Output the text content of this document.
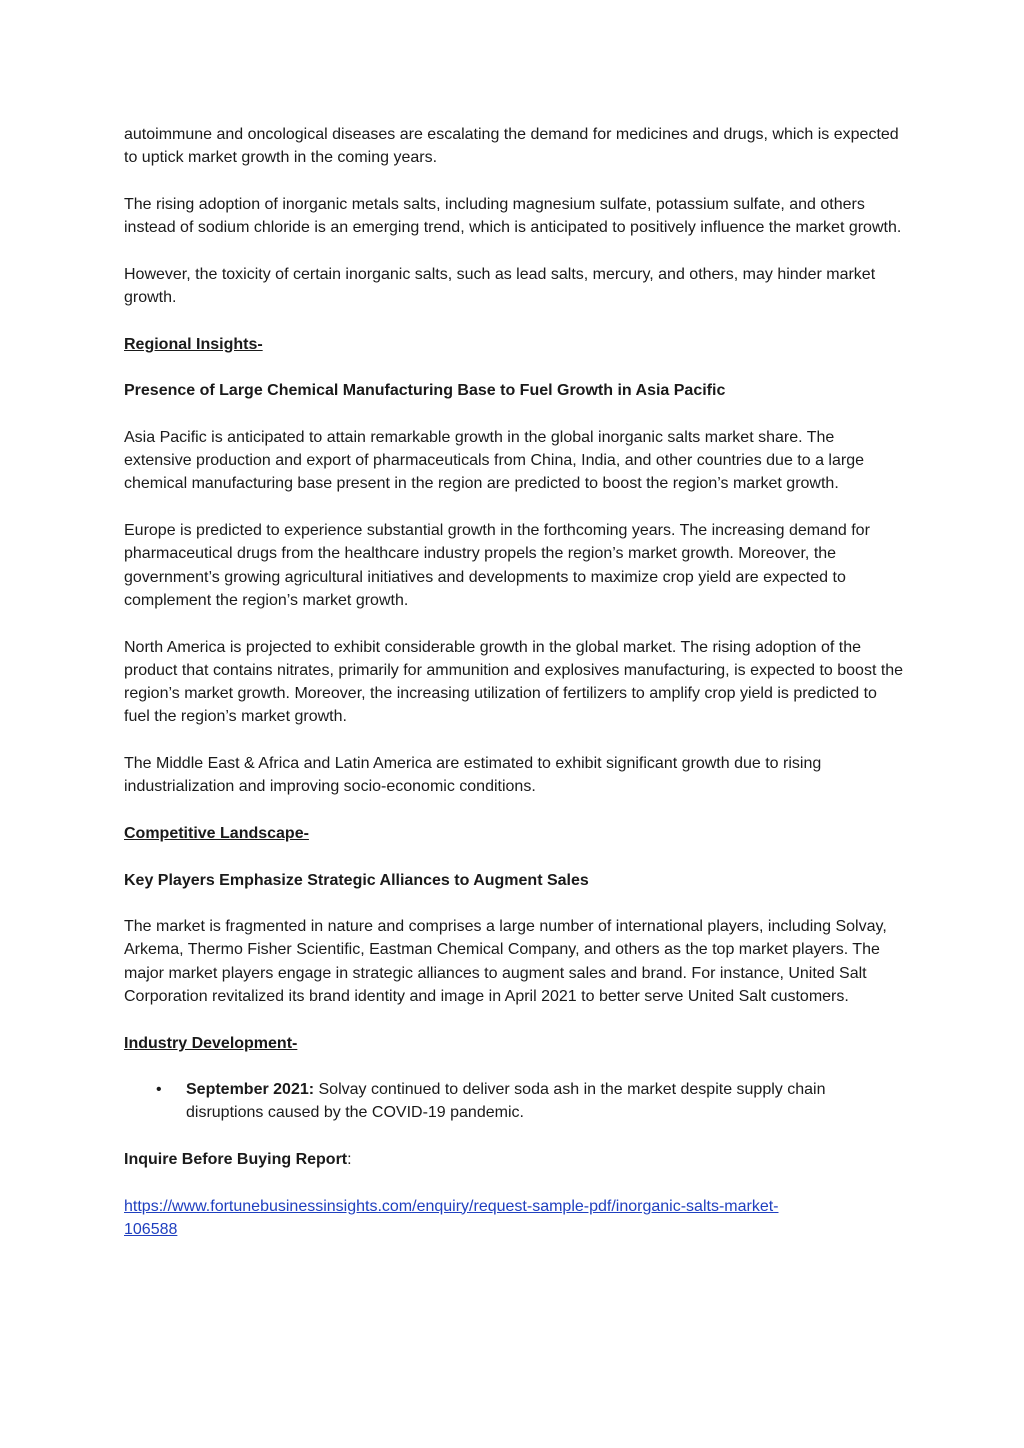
autoimmune and oncological diseases are escalating the demand for medicines and drugs, which is expected to uptick market growth in the coming years.

The rising adoption of inorganic metals salts, including magnesium sulfate, potassium sulfate, and others instead of sodium chloride is an emerging trend, which is anticipated to positively influence the market growth.

However, the toxicity of certain inorganic salts, such as lead salts, mercury, and others, may hinder market growth.

Regional Insights-

Presence of Large Chemical Manufacturing Base to Fuel Growth in Asia Pacific

Asia Pacific is anticipated to attain remarkable growth in the global inorganic salts market share. The extensive production and export of pharmaceuticals from China, India, and other countries due to a large chemical manufacturing base present in the region are predicted to boost the region’s market growth.

Europe is predicted to experience substantial growth in the forthcoming years. The increasing demand for pharmaceutical drugs from the healthcare industry propels the region’s market growth. Moreover, the government’s growing agricultural initiatives and developments to maximize crop yield are expected to complement the region’s market growth.

North America is projected to exhibit considerable growth in the global market. The rising adoption of the product that contains nitrates, primarily for ammunition and explosives manufacturing, is expected to boost the region’s market growth. Moreover, the increasing utilization of fertilizers to amplify crop yield is predicted to fuel the region’s market growth.

The Middle East & Africa and Latin America are estimated to exhibit significant growth due to rising industrialization and improving socio-economic conditions.

Competitive Landscape-

Key Players Emphasize Strategic Alliances to Augment Sales

The market is fragmented in nature and comprises a large number of international players, including Solvay, Arkema, Thermo Fisher Scientific, Eastman Chemical Company, and others as the top market players. The major market players engage in strategic alliances to augment sales and brand. For instance, United Salt Corporation revitalized its brand identity and image in April 2021 to better serve United Salt customers.

Industry Development-

• September 2021: Solvay continued to deliver soda ash in the market despite supply chain disruptions caused by the COVID-19 pandemic.

Inquire Before Buying Report:

https://www.fortunebusinessinsights.com/enquiry/request-sample-pdf/inorganic-salts-market-
106588
